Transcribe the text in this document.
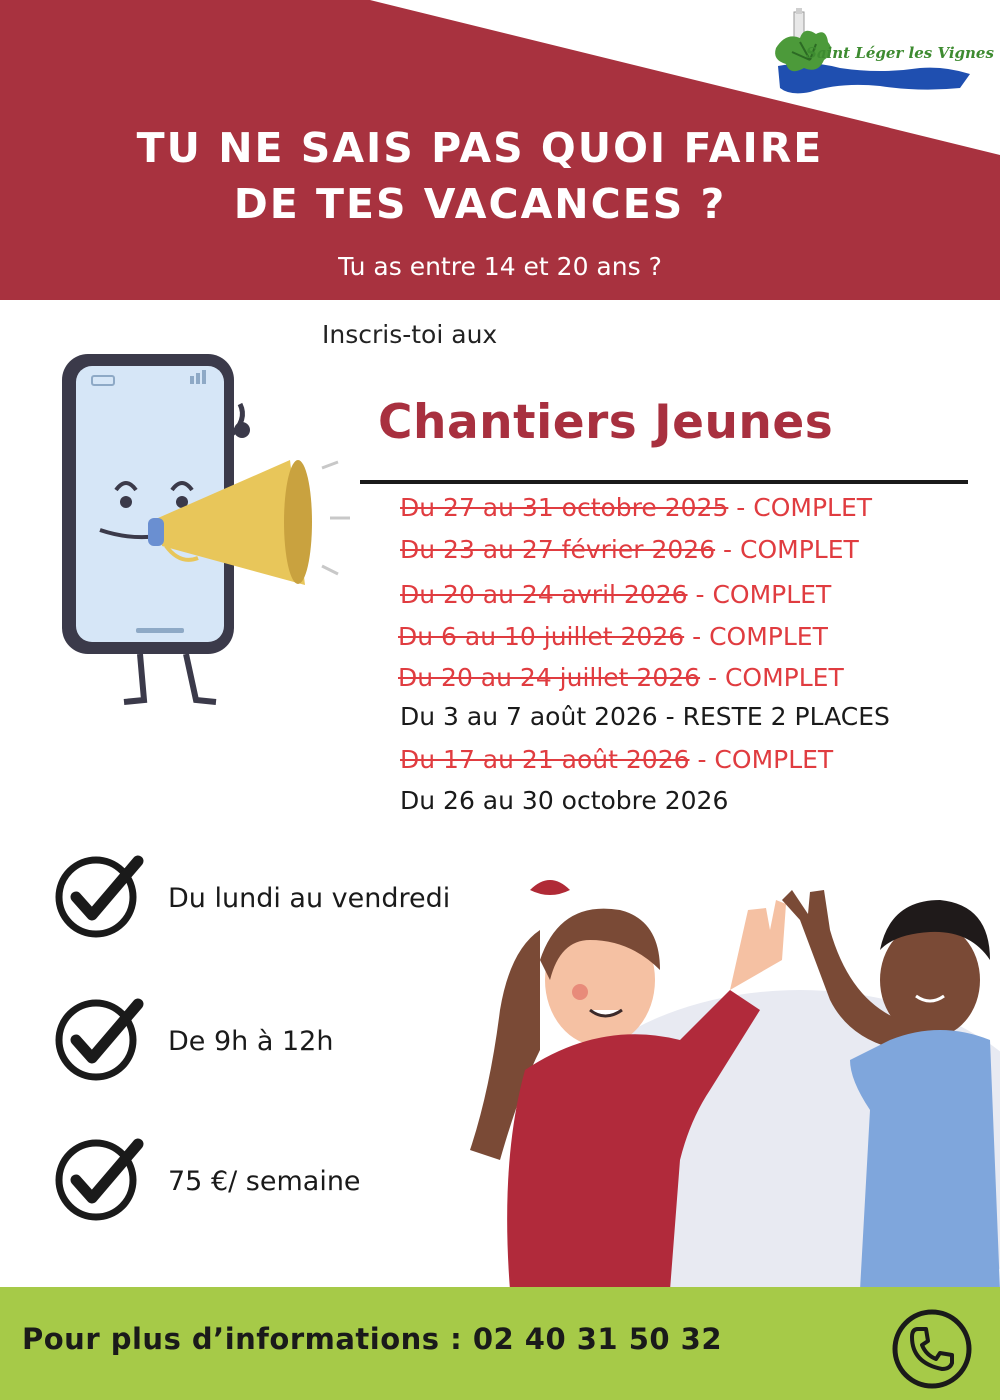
Saint Léger les Vignes
TU NE SAIS PAS QUOI FAIRE
DE TES VACANCES ?
Tu as entre 14 et 20 ans ?
Inscris-toi aux
Chantiers Jeunes
Du 27 au 31 octobre 2025 - COMPLET
Du 23 au 27 février 2026 - COMPLET
Du 20 au 24 avril 2026 - COMPLET
Du 6 au 10 juillet 2026 - COMPLET
Du 20 au 24 juillet 2026 - COMPLET
Du 3 au 7 août 2026 - RESTE 2 PLACES
Du 17 au 21 août 2026 - COMPLET
Du 26 au 30 octobre 2026
Du lundi au vendredi
De 9h à 12h
75 €/ semaine
Pour plus d’informations : 02 40 31 50 32
